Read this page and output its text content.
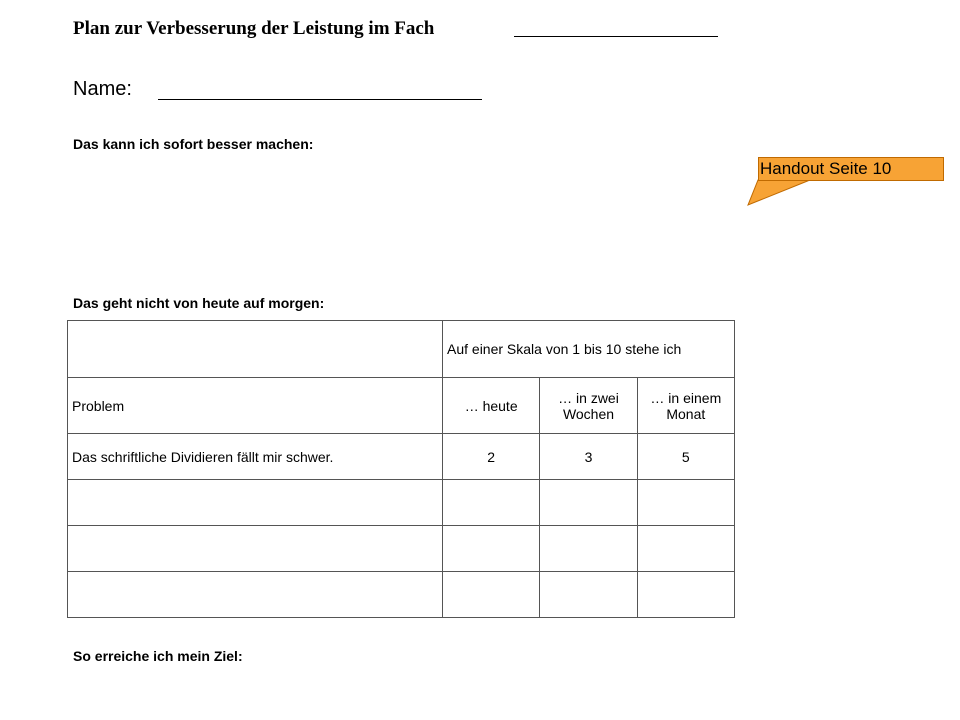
Plan zur Verbesserung der Leistung im Fach
Name:
Das kann ich sofort besser machen:
Das geht nicht von heute auf morgen:
	Auf einer Skala von 1 bis 10 stehe ich		
Problem	… heute	… in zwei Wochen	… in einem Monat
Das schriftliche Dividieren fällt mir schwer.	2	3	5

So erreiche ich mein Ziel:
Handout Seite 10
